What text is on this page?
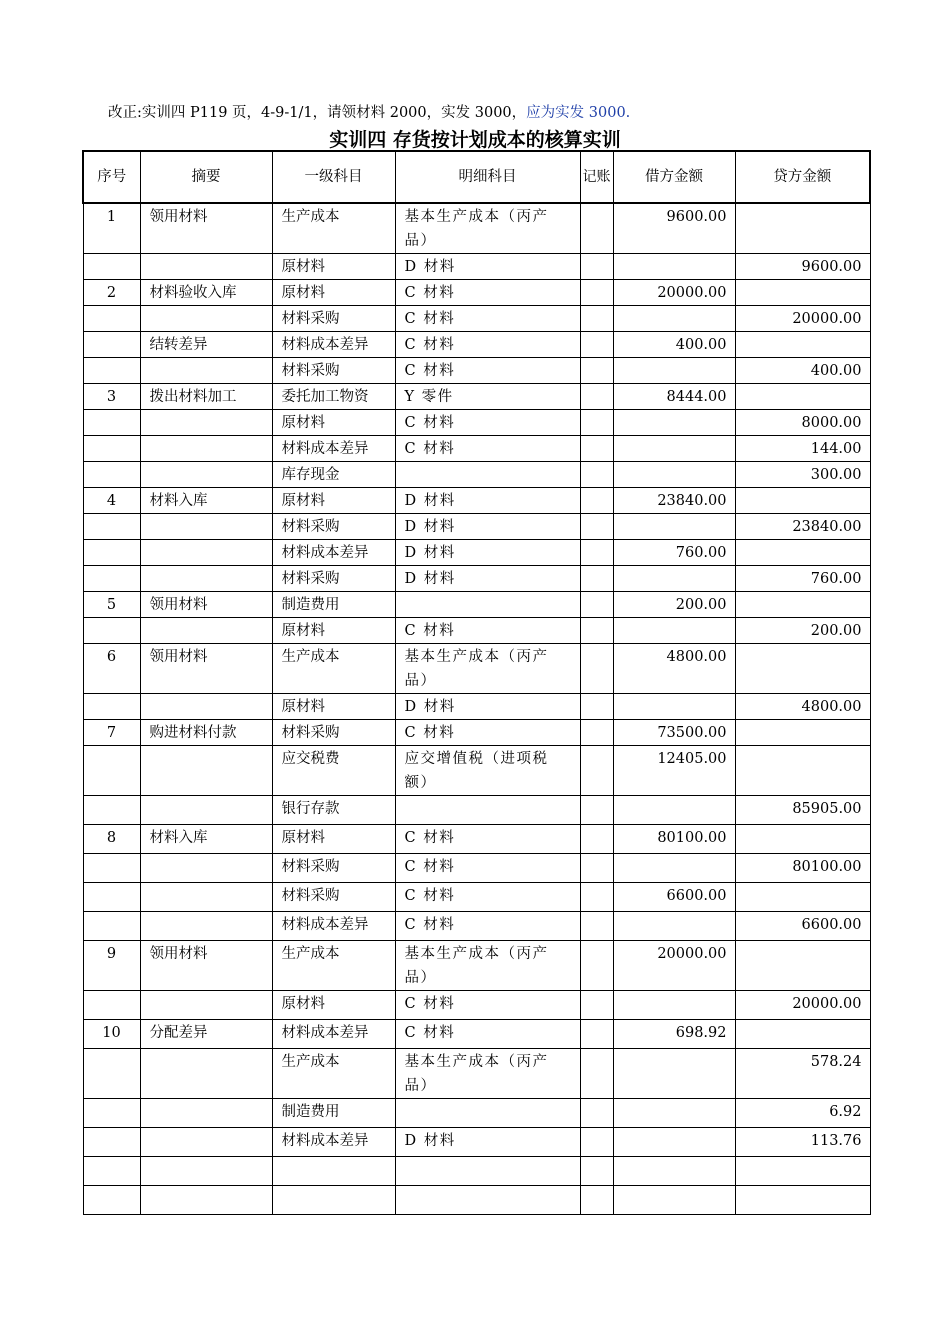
改正:实训四 P119 页，4-9-1/1，请领材料 2000，实发 3000，应为实发 3000.
实训四 存货按计划成本的核算实训
序号	摘要	一级科目	明细科目	记账	借方金额	贷方金额
1	领用材料	生产成本	基本生产成本（丙产品）		9600.00	
		原材料	D 材料			9600.00
2	材料验收入库	原材料	C 材料		20000.00	
		材料采购	C 材料			20000.00
	结转差异	材料成本差异	C 材料		400.00	
		材料采购	C 材料			400.00
3	拨出材料加工	委托加工物资	Y 零件		8444.00	
		原材料	C 材料			8000.00
		材料成本差异	C 材料			144.00
		库存现金				300.00
4	材料入库	原材料	D 材料		23840.00	
		材料采购	D 材料			23840.00
		材料成本差异	D 材料		760.00	
		材料采购	D 材料			760.00
5	领用材料	制造费用			200.00	
		原材料	C 材料			200.00
6	领用材料	生产成本	基本生产成本（丙产品）		4800.00	
		原材料	D 材料			4800.00
7	购进材料付款	材料采购	C 材料		73500.00	
		应交税费	应交增值税（进项税额）		12405.00	
		银行存款				85905.00
8	材料入库	原材料	C 材料		80100.00	
		材料采购	C 材料			80100.00
		材料采购	C 材料		6600.00	
		材料成本差异	C 材料			6600.00
9	领用材料	生产成本	基本生产成本（丙产品）		20000.00	
		原材料	C 材料			20000.00
10	分配差异	材料成本差异	C 材料		698.92	
		生产成本	基本生产成本（丙产品）			578.24
		制造费用				6.92
		材料成本差异	D 材料			113.76
